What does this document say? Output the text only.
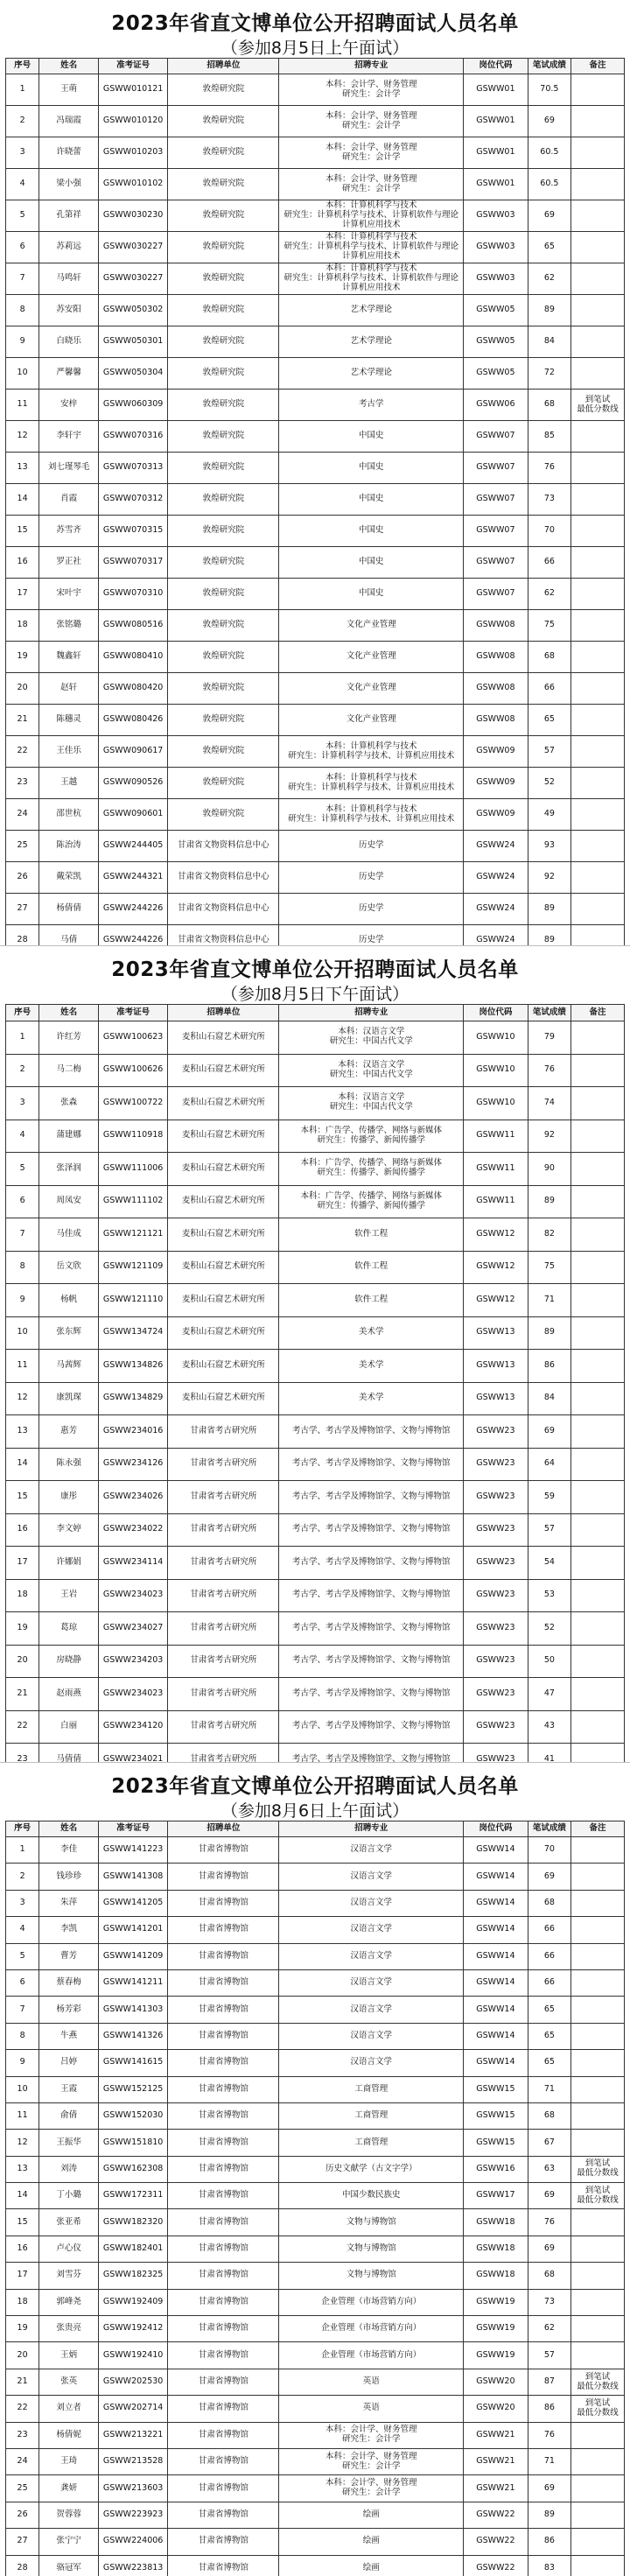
2023年省直文博单位公开招聘面试人员名单
（参加8月5日上午面试）
序号	姓名	准考证号	招聘单位	招聘专业	岗位代码	笔试成绩	备注
1	王萌	GSWW010121	敦煌研究院	本科：会计学、财务管理
研究生：会计学	GSWW01	70.5
2	冯瑞霞	GSWW010120	敦煌研究院	本科：会计学、财务管理
研究生：会计学	GSWW01	69
3	许晓蕾	GSWW010203	敦煌研究院	本科：会计学、财务管理
研究生：会计学	GSWW01	60.5
4	梁小强	GSWW010102	敦煌研究院	本科：会计学、财务管理
研究生：会计学	GSWW01	60.5
5	孔第祥	GSWW030230	敦煌研究院
本科：计算机科学与技术
研究生：计算机科学与技术、计算机软件与理论
计算机应用技术
GSWW03	69
6	苏莉远	GSWW030227	敦煌研究院
本科：计算机科学与技术
研究生：计算机科学与技术、计算机软件与理论
计算机应用技术
GSWW03	65
7	马鸣轩	GSWW030227	敦煌研究院
本科：计算机科学与技术
研究生：计算机科学与技术、计算机软件与理论
计算机应用技术
GSWW03	62
8	苏安阳	GSWW050302	敦煌研究院	艺术学理论	GSWW05	89
9	白晓乐	GSWW050301	敦煌研究院	艺术学理论	GSWW05	84
10	严馨馨	GSWW050304	敦煌研究院	艺术学理论	GSWW05	72
11	安梓	GSWW060309	敦煌研究院	考古学	GSWW06	68	到笔试
最低分数线
12	李轩宇	GSWW070316	敦煌研究院	中国史	GSWW07	85
13	刘七瑾琴毛	GSWW070313	敦煌研究院	中国史	GSWW07	76
14	肖霞	GSWW070312	敦煌研究院	中国史	GSWW07	73
15	苏雪齐	GSWW070315	敦煌研究院	中国史	GSWW07	70
16	罗正社	GSWW070317	敦煌研究院	中国史	GSWW07	66
17	宋叶宇	GSWW070310	敦煌研究院	中国史	GSWW07	62
18	张铭璐	GSWW080516	敦煌研究院	文化产业管理	GSWW08	75
19	魏鑫轩	GSWW080410	敦煌研究院	文化产业管理	GSWW08	68
20	赵轩	GSWW080420	敦煌研究院	文化产业管理	GSWW08	66
21	陈穗灵	GSWW080426	敦煌研究院	文化产业管理	GSWW08	65
22	王佳乐	GSWW090617	敦煌研究院	本科：计算机科学与技术
研究生：计算机科学与技术、计算机应用技术	GSWW09	57
23	王越	GSWW090526	敦煌研究院	本科：计算机科学与技术
研究生：计算机科学与技术、计算机应用技术	GSWW09	52
24	邵世杭	GSWW090601	敦煌研究院	本科：计算机科学与技术
研究生：计算机科学与技术、计算机应用技术	GSWW09	49
25	陈治涛	GSWW244405	甘肃省文物资料信息中心	历史学	GSWW24	93
26	戴荣凯	GSWW244321	甘肃省文物资料信息中心	历史学	GSWW24	92
27	杨倩倩	GSWW244226	甘肃省文物资料信息中心	历史学	GSWW24	89
28	马倩	GSWW244226	甘肃省文物资料信息中心	历史学	GSWW24	89
2023年省直文博单位公开招聘面试人员名单
（参加8月5日下午面试）
序号	姓名	准考证号	招聘单位	招聘专业	岗位代码	笔试成绩	备注
1	许红芳	GSWW100623	麦积山石窟艺术研究所	本科：汉语言文学
研究生：中国古代文学	GSWW10	79
2	马二梅	GSWW100626	麦积山石窟艺术研究所	本科：汉语言文学
研究生：中国古代文学	GSWW10	76
3	张森	GSWW100722	麦积山石窟艺术研究所	本科：汉语言文学
研究生：中国古代文学	GSWW10	74
4	蒲建娜	GSWW110918	麦积山石窟艺术研究所	本科：广告学、传播学、网络与新媒体
研究生：传播学、新闻传播学	GSWW11	92
5	张泽润	GSWW111006	麦积山石窟艺术研究所	本科：广告学、传播学、网络与新媒体
研究生：传播学、新闻传播学	GSWW11	90
6	周凤安	GSWW111102	麦积山石窟艺术研究所	本科：广告学、传播学、网络与新媒体
研究生：传播学、新闻传播学	GSWW11	89
7	马佳成	GSWW121121	麦积山石窟艺术研究所	软件工程	GSWW12	82
8	岳文欣	GSWW121109	麦积山石窟艺术研究所	软件工程	GSWW12	75
9	杨帆	GSWW121110	麦积山石窟艺术研究所	软件工程	GSWW12	71
10	张东辉	GSWW134724	麦积山石窟艺术研究所	美术学	GSWW13	89
11	马茜辉	GSWW134826	麦积山石窟艺术研究所	美术学	GSWW13	86
12	康凯琛	GSWW134829	麦积山石窟艺术研究所	美术学	GSWW13	84
13	惠芳	GSWW234016	甘肃省考古研究所	考古学、考古学及博物馆学、文物与博物馆	GSWW23	69
14	陈永强	GSWW234126	甘肃省考古研究所	考古学、考古学及博物馆学、文物与博物馆	GSWW23	64
15	康彤	GSWW234026	甘肃省考古研究所	考古学、考古学及博物馆学、文物与博物馆	GSWW23	59
16	李文婷	GSWW234022	甘肃省考古研究所	考古学、考古学及博物馆学、文物与博物馆	GSWW23	57
17	许娜娟	GSWW234114	甘肃省考古研究所	考古学、考古学及博物馆学、文物与博物馆	GSWW23	54
18	王岩	GSWW234023	甘肃省考古研究所	考古学、考古学及博物馆学、文物与博物馆	GSWW23	53
19	葛琼	GSWW234027	甘肃省考古研究所	考古学、考古学及博物馆学、文物与博物馆	GSWW23	52
20	房晓静	GSWW234203	甘肃省考古研究所	考古学、考古学及博物馆学、文物与博物馆	GSWW23	50
21	赵雨燕	GSWW234023	甘肃省考古研究所	考古学、考古学及博物馆学、文物与博物馆	GSWW23	47
22	白丽	GSWW234120	甘肃省考古研究所	考古学、考古学及博物馆学、文物与博物馆	GSWW23	43
23	马倩倩	GSWW234021	甘肃省考古研究所	考古学、考古学及博物馆学、文物与博物馆	GSWW23	41
2023年省直文博单位公开招聘面试人员名单
（参加8月6日上午面试）
序号	姓名	准考证号	招聘单位	招聘专业	岗位代码	笔试成绩	备注
1	李佳	GSWW141223	甘肃省博物馆	汉语言文学	GSWW14	70
2	钱珍珍	GSWW141308	甘肃省博物馆	汉语言文学	GSWW14	69
3	朱萍	GSWW141205	甘肃省博物馆	汉语言文学	GSWW14	68
4	李凯	GSWW141201	甘肃省博物馆	汉语言文学	GSWW14	66
5	曹芳	GSWW141209	甘肃省博物馆	汉语言文学	GSWW14	66
6	蔡春梅	GSWW141211	甘肃省博物馆	汉语言文学	GSWW14	66
7	杨芳彩	GSWW141303	甘肃省博物馆	汉语言文学	GSWW14	65
8	牛燕	GSWW141326	甘肃省博物馆	汉语言文学	GSWW14	65
9	吕婷	GSWW141615	甘肃省博物馆	汉语言文学	GSWW14	65
10	王霞	GSWW152125	甘肃省博物馆	工商管理	GSWW15	71
11	俞倩	GSWW152030	甘肃省博物馆	工商管理	GSWW15	68
12	王振华	GSWW151810	甘肃省博物馆	工商管理	GSWW15	67
13	刘涛	GSWW162308	甘肃省博物馆	历史文献学（古文字学）	GSWW16	63	到笔试
最低分数线
14	丁小璐	GSWW172311	甘肃省博物馆	中国少数民族史	GSWW17	69	到笔试
最低分数线
15	张亚希	GSWW182320	甘肃省博物馆	文物与博物馆	GSWW18	76
16	卢心仪	GSWW182401	甘肃省博物馆	文物与博物馆	GSWW18	69
17	刘雪芬	GSWW182325	甘肃省博物馆	文物与博物馆	GSWW18	68
18	郭峰尧	GSWW192409	甘肃省博物馆	企业管理（市场营销方向）	GSWW19	73
19	张贵亮	GSWW192412	甘肃省博物馆	企业管理（市场营销方向）	GSWW19	62
20	王炳	GSWW192410	甘肃省博物馆	企业管理（市场营销方向）	GSWW19	57
21	张英	GSWW202530	甘肃省博物馆	英语	GSWW20	87	到笔试
最低分数线
22	刘立者	GSWW202714	甘肃省博物馆	英语	GSWW20	86	到笔试
最低分数线
23	杨倩妮	GSWW213221	甘肃省博物馆	本科：会计学、财务管理
研究生：会计学	GSWW21	76
24	王琦	GSWW213528	甘肃省博物馆	本科：会计学、财务管理
研究生：会计学	GSWW21	71
25	龚妍	GSWW213603	甘肃省博物馆	本科：会计学、财务管理
研究生：会计学	GSWW21	69
26	贺蓉蓉	GSWW223923	甘肃省博物馆	绘画	GSWW22	89
27	张宁宁	GSWW224006	甘肃省博物馆	绘画	GSWW22	86
28	骆冠军	GSWW223813	甘肃省博物馆	绘画	GSWW22	83
